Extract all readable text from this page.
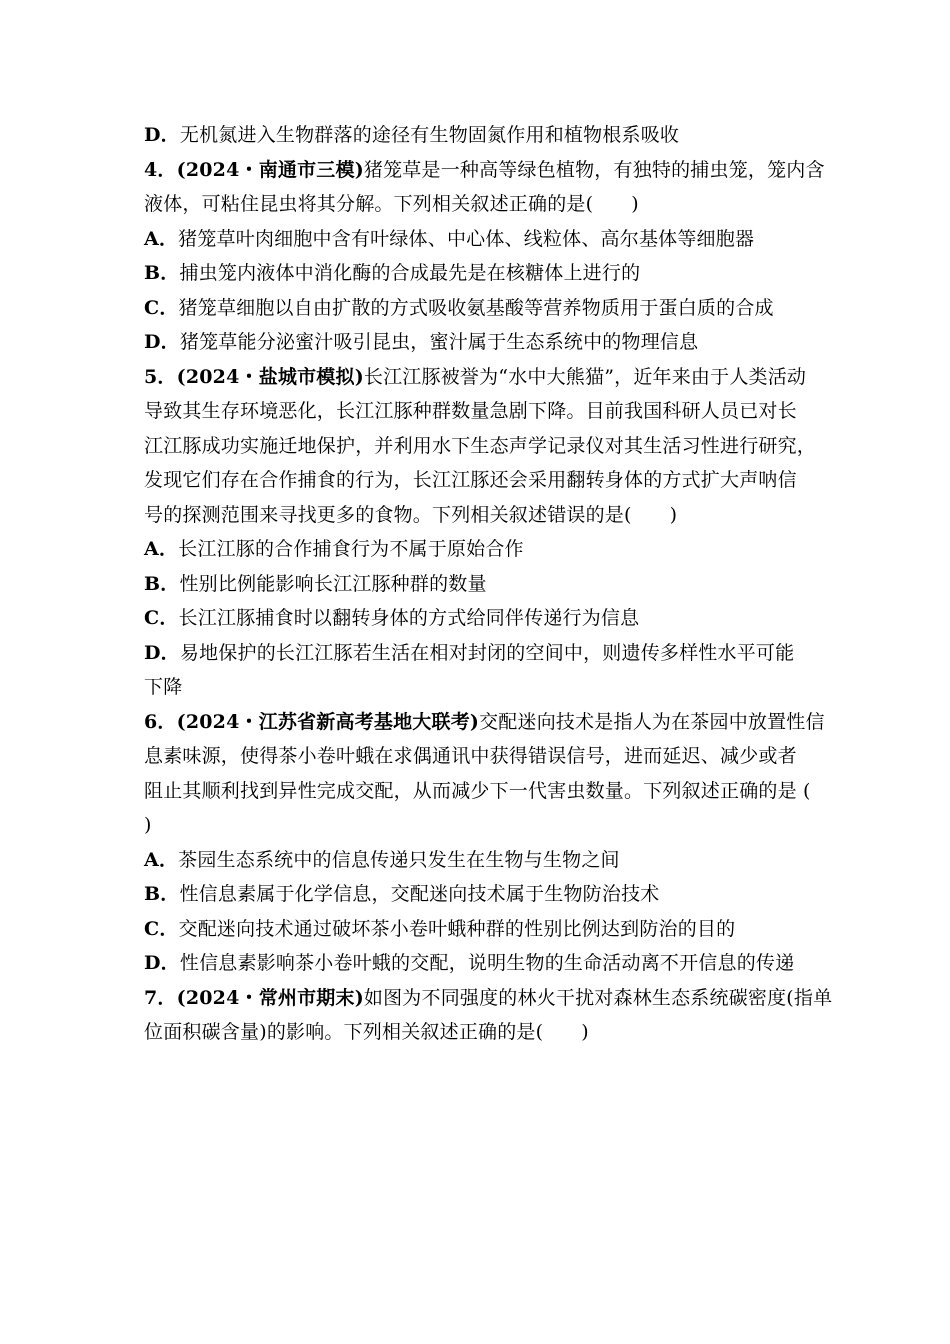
D．无机氮进入生物群落的途径有生物固氮作用和植物根系吸收
4．(2024・南通市三模)猪笼草是一种高等绿色植物，有独特的捕虫笼，笼内含
液体，可粘住昆虫将其分解。下列相关叙述正确的是( )
A．猪笼草叶肉细胞中含有叶绿体、中心体、线粒体、高尔基体等细胞器
B．捕虫笼内液体中消化酶的合成最先是在核糖体上进行的
C．猪笼草细胞以自由扩散的方式吸收氨基酸等营养物质用于蛋白质的合成
D．猪笼草能分泌蜜汁吸引昆虫，蜜汁属于生态系统中的物理信息
5．(2024・盐城市模拟)长江江豚被誉为“水中大熊猫”，近年来由于人类活动
导致其生存环境恶化，长江江豚种群数量急剧下降。目前我国科研人员已对长
江江豚成功实施迁地保护，并利用水下生态声学记录仪对其生活习性进行研究，
发现它们存在合作捕食的行为，长江江豚还会采用翻转身体的方式扩大声呐信
号的探测范围来寻找更多的食物。下列相关叙述错误的是( )
A．长江江豚的合作捕食行为不属于原始合作
B．性别比例能影响长江江豚种群的数量
C．长江江豚捕食时以翻转身体的方式给同伴传递行为信息
D．易地保护的长江江豚若生活在相对封闭的空间中，则遗传多样性水平可能
下降
6．(2024・江苏省新高考基地大联考)交配迷向技术是指人为在茶园中放置性信
息素味源，使得茶小卷叶蛾在求偶通讯中获得错误信号，进而延迟、减少或者
阻止其顺利找到异性完成交配，从而减少下一代害虫数量。下列叙述正确的是 (
)
A．茶园生态系统中的信息传递只发生在生物与生物之间
B．性信息素属于化学信息，交配迷向技术属于生物防治技术
C．交配迷向技术通过破坏茶小卷叶蛾种群的性别比例达到防治的目的
D．性信息素影响茶小卷叶蛾的交配，说明生物的生命活动离不开信息的传递
7．(2024・常州市期末)如图为不同强度的林火干扰对森林生态系统碳密度(指单
位面积碳含量)的影响。下列相关叙述正确的是( )
